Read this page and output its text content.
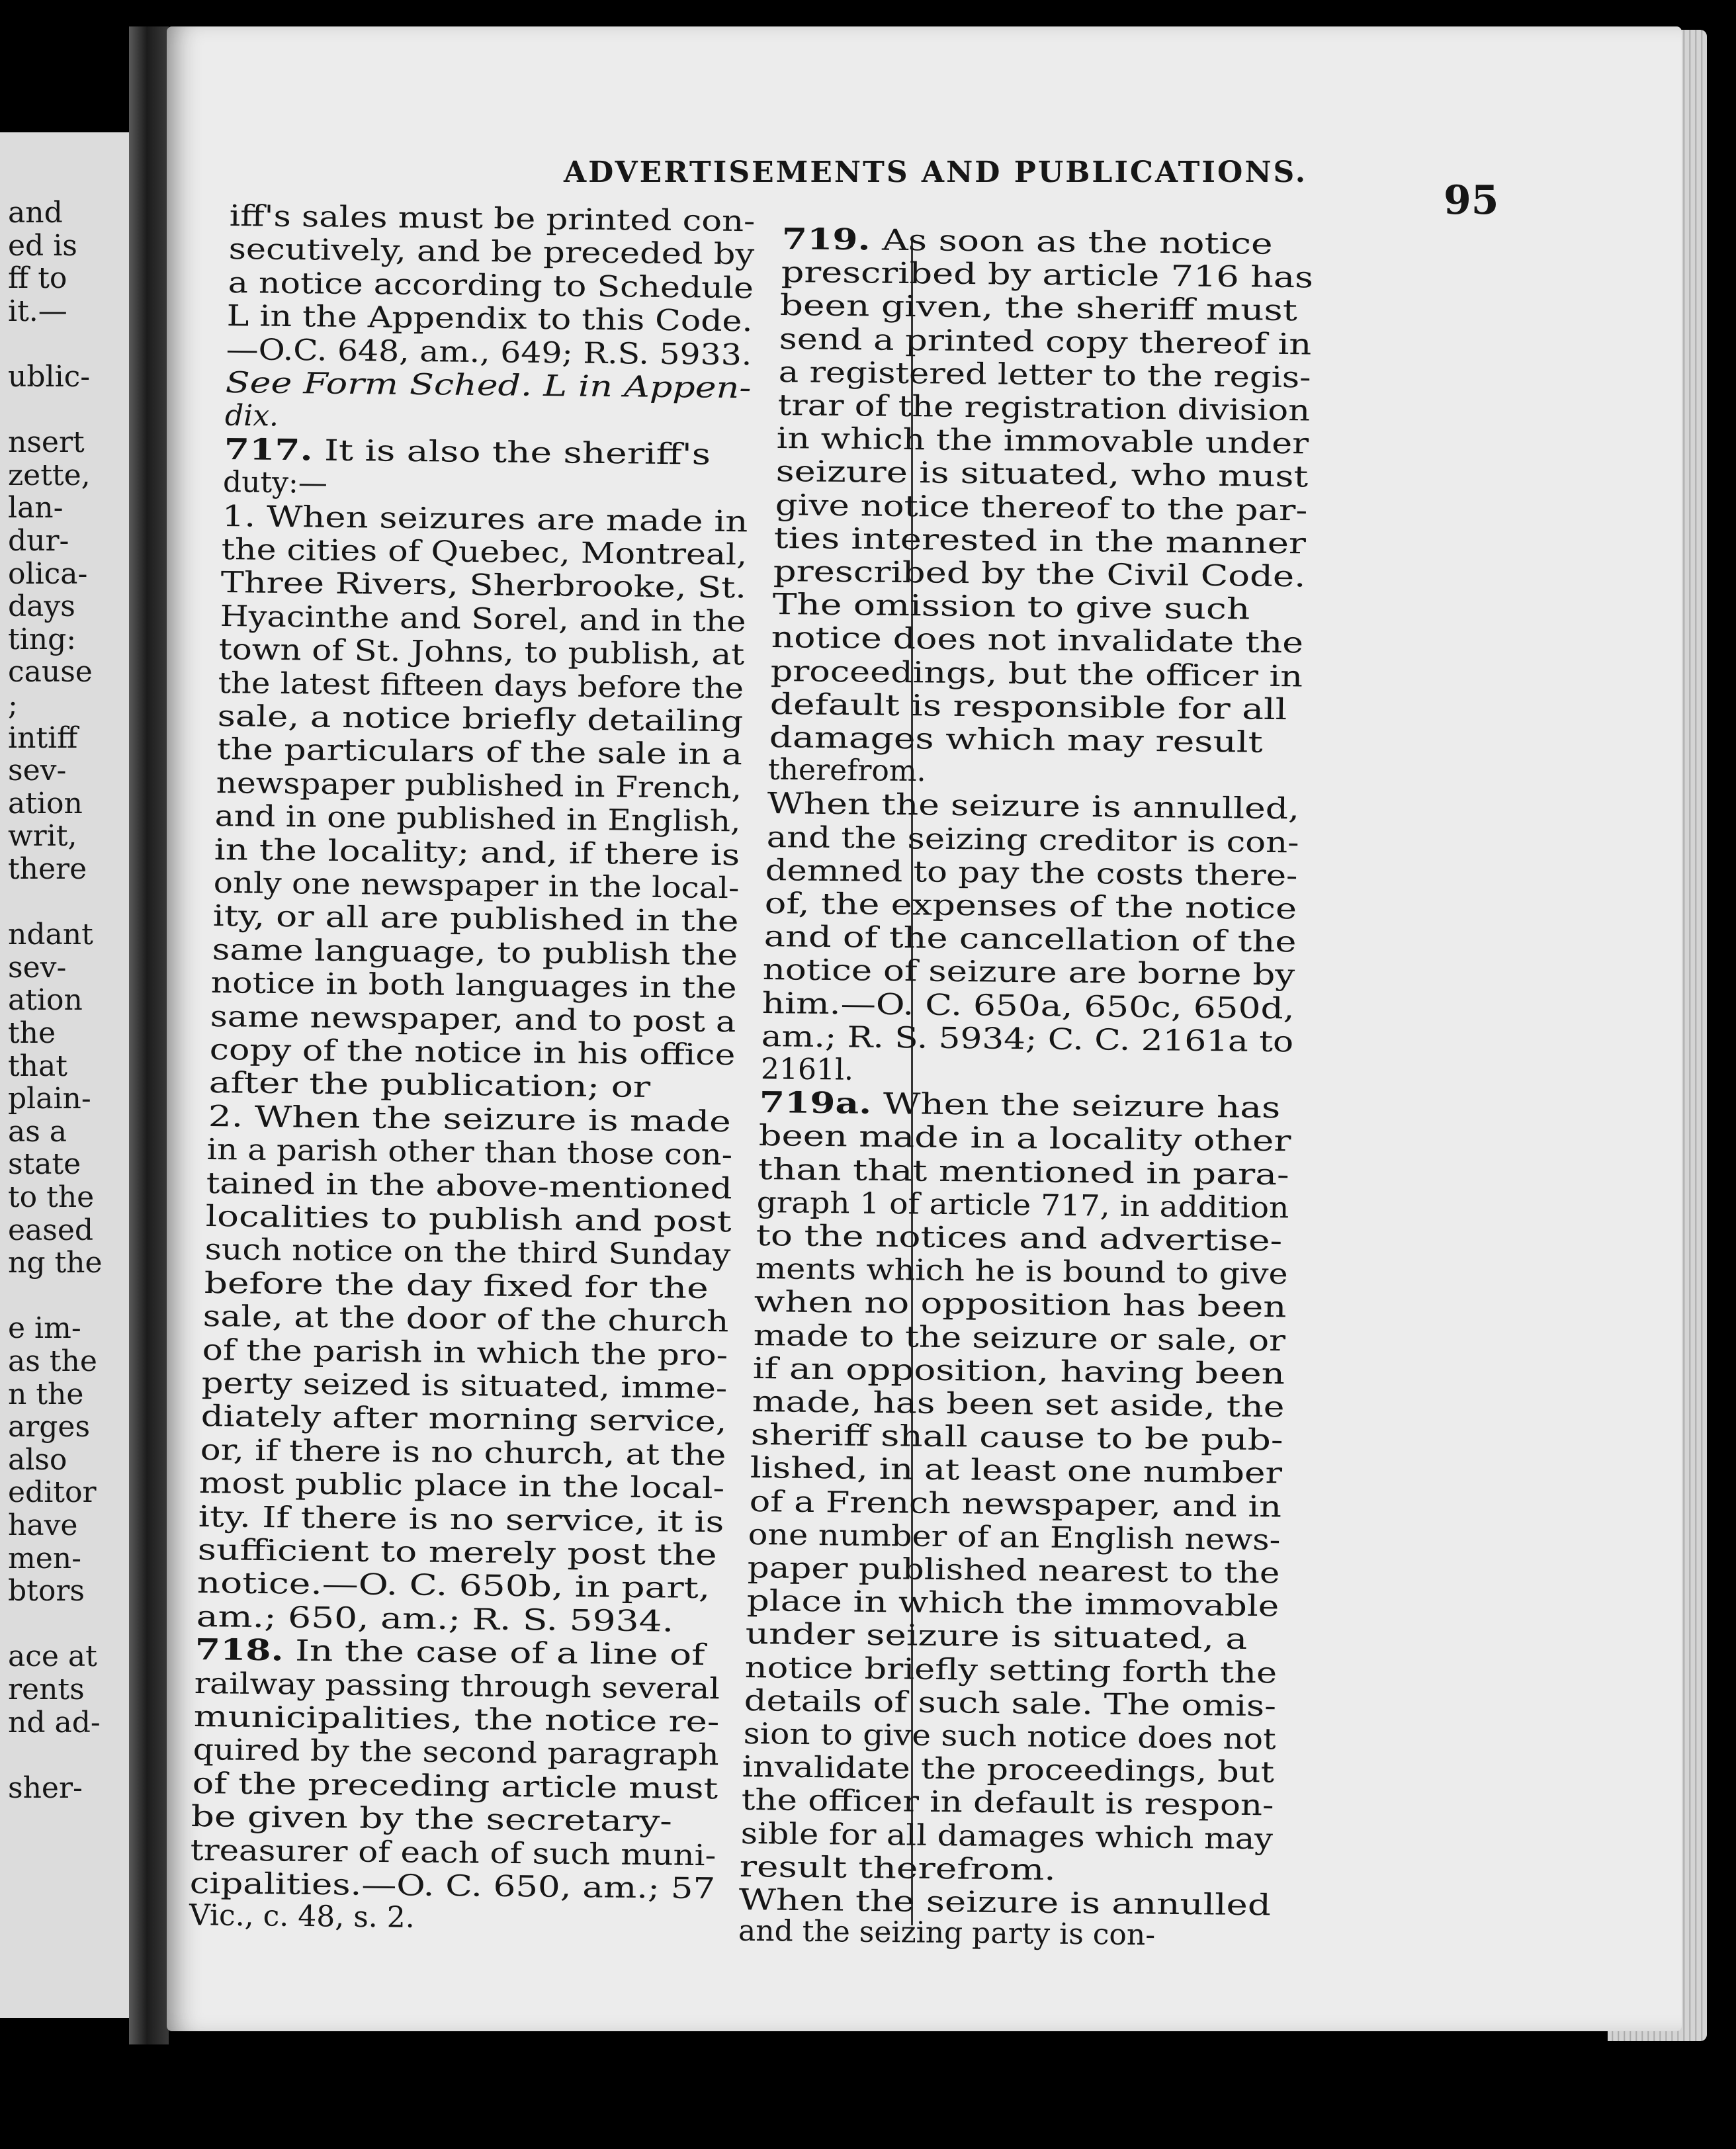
and
ed is
ff to
it.—
ublic-
nsert
zette,
lan-
dur-
olica-
days
ting:
cause
;
intiff
sev-
ation
writ,
there
ndant
sev-
ation
the
that
plain-
as a
state
to the
eased
ng the
e im-
as the
n the
arges
also
editor
have
men-
btors
ace at
rents
nd ad-
sher-
ADVERTISEMENTS AND PUBLICATIONS.
95
iff's sales must be printed con-
secutively, and be preceded by
a notice according to Schedule
L in the Appendix to this Code.
—O.C. 648, am., 649; R.S. 5933.
See Form Sched. L in Appen-
dix.
717. It is also the sheriff's
duty:—
1. When seizures are made in
the cities of Quebec, Montreal,
Three Rivers, Sherbrooke, St.
Hyacinthe and Sorel, and in the
town of St. Johns, to publish, at
the latest fifteen days before the
sale, a notice briefly detailing
the particulars of the sale in a
newspaper published in French,
and in one published in English,
in the locality; and, if there is
only one newspaper in the local-
ity, or all are published in the
same language, to publish the
notice in both languages in the
same newspaper, and to post a
copy of the notice in his office
after the publication; or
2. When the seizure is made
in a parish other than those con-
tained in the above-mentioned
localities to publish and post
such notice on the third Sunday
before the day fixed for the
sale, at the door of the church
of the parish in which the pro-
perty seized is situated, imme-
diately after morning service,
or, if there is no church, at the
most public place in the local-
ity. If there is no service, it is
sufficient to merely post the
notice.—O. C. 650b, in part,
am.; 650, am.; R. S. 5934.
718. In the case of a line of
railway passing through several
municipalities, the notice re-
quired by the second paragraph
of the preceding article must
be given by the secretary-
treasurer of each of such muni-
cipalities.—O. C. 650, am.; 57
Vic., c. 48, s. 2.
719. As soon as the notice
prescribed by article 716 has
been given, the sheriff must
send a printed copy thereof in
a registered letter to the regis-
trar of the registration division
in which the immovable under
seizure is situated, who must
give notice thereof to the par-
ties interested in the manner
prescribed by the Civil Code.
The omission to give such
notice does not invalidate the
proceedings, but the officer in
default is responsible for all
damages which may result
therefrom.
When the seizure is annulled,
and the seizing creditor is con-
demned to pay the costs there-
of, the expenses of the notice
and of the cancellation of the
notice of seizure are borne by
him.—O. C. 650a, 650c, 650d,
am.; R. S. 5934; C. C. 2161a to
2161l.
719a. When the seizure has
been made in a locality other
than that mentioned in para-
graph 1 of article 717, in addition
to the notices and advertise-
ments which he is bound to give
when no opposition has been
made to the seizure or sale, or
if an opposition, having been
made, has been set aside, the
sheriff shall cause to be pub-
lished, in at least one number
of a French newspaper, and in
one number of an English news-
paper published nearest to the
place in which the immovable
under seizure is situated, a
notice briefly setting forth the
details of such sale. The omis-
sion to give such notice does not
invalidate the proceedings, but
the officer in default is respon-
sible for all damages which may
result therefrom.
When the seizure is annulled
and the seizing party is con-
